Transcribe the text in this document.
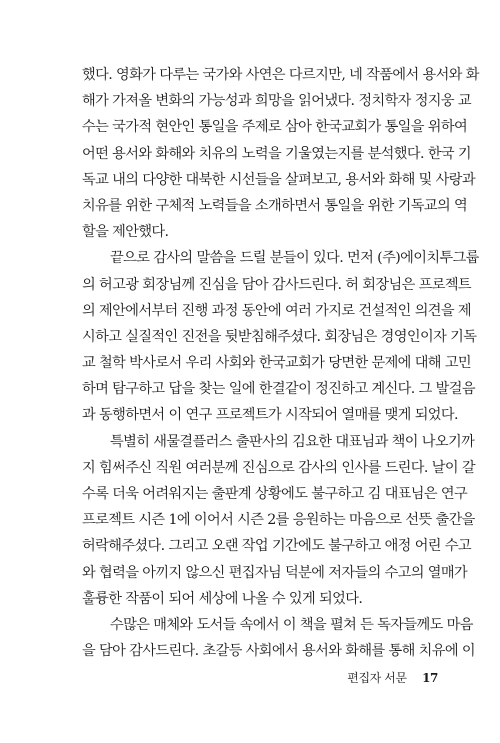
했다. 영화가 다루는 국가와 사연은 다르지만, 네 작품에서 용서와 화
해가 가져올 변화의 가능성과 희망을 읽어냈다. 정치학자 정지웅 교
수는 국가적 현안인 통일을 주제로 삼아 한국교회가 통일을 위하여
어떤 용서와 화해와 치유의 노력을 기울였는지를 분석했다. 한국 기
독교 내의 다양한 대북한 시선들을 살펴보고, 용서와 화해 및 사랑과
치유를 위한 구체적 노력들을 소개하면서 통일을 위한 기독교의 역
할을 제안했다.
끝으로 감사의 말씀을 드릴 분들이 있다. 먼저 (주)에이치투그룹
의 허고광 회장님께 진심을 담아 감사드린다. 허 회장님은 프로젝트
의 제안에서부터 진행 과정 동안에 여러 가지로 건설적인 의견을 제
시하고 실질적인 진전을 뒷받침해주셨다. 회장님은 경영인이자 기독
교 철학 박사로서 우리 사회와 한국교회가 당면한 문제에 대해 고민
하며 탐구하고 답을 찾는 일에 한결같이 정진하고 계신다. 그 발걸음
과 동행하면서 이 연구 프로젝트가 시작되어 열매를 맺게 되었다.
특별히 새물결플러스 출판사의 김요한 대표님과 책이 나오기까
지 힘써주신 직원 여러분께 진심으로 감사의 인사를 드린다. 날이 갈
수록 더욱 어려워지는 출판계 상황에도 불구하고 김 대표님은 연구
프로젝트 시즌 1에 이어서 시즌 2를 응원하는 마음으로 선뜻 출간을
허락해주셨다. 그리고 오랜 작업 기간에도 불구하고 애정 어린 수고
와 협력을 아끼지 않으신 편집자님 덕분에 저자들의 수고의 열매가
훌륭한 작품이 되어 세상에 나올 수 있게 되었다.
수많은 매체와 도서들 속에서 이 책을 펼쳐 든 독자들께도 마음
을 담아 감사드린다. 초갈등 사회에서 용서와 화해를 통해 치유에 이
편집자 서문 17
